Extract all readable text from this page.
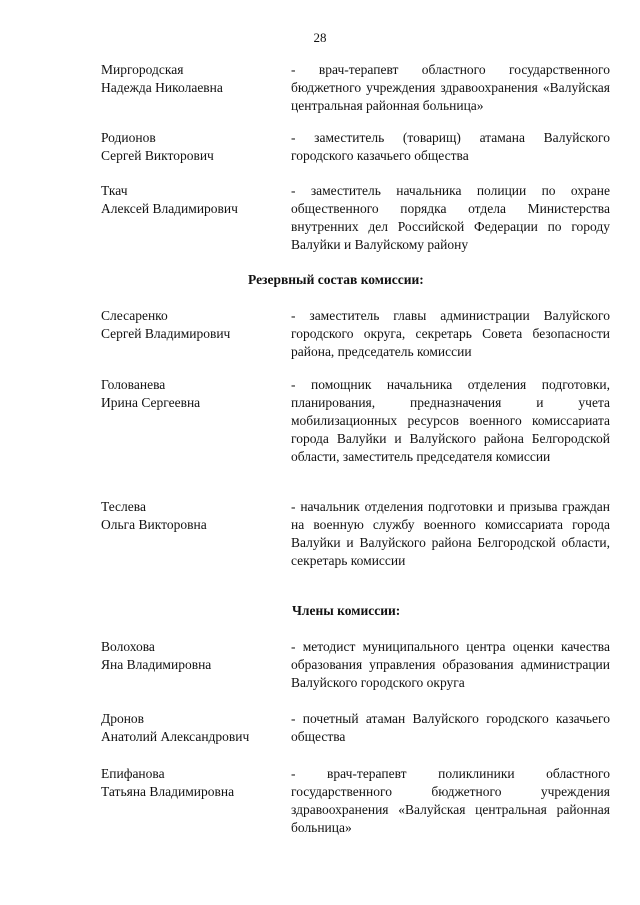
28
Миргородская
Надежда Николаевна
- врач-терапевт областного государственного бюджетного учреждения здравоохранения «Валуйская центральная районная больница»
Родионов
Сергей Викторович
- заместитель (товарищ) атамана Валуйского городского казачьего общества
Ткач
Алексей Владимирович
- заместитель начальника полиции по охране общественного порядка отдела Министерства внутренних дел Российской Федерации по городу Валуйки и Валуйскому району
Резервный состав комиссии:
Слесаренко
Сергей Владимирович
- заместитель главы администрации Валуйского городского округа, секретарь Совета безопасности района, председатель комиссии
Голованева
Ирина Сергеевна
- помощник начальника отделения подготовки, планирования, предназначения и учета мобилизационных ресурсов военного комиссариата города Валуйки и Валуйского района Белгородской области, заместитель председателя комиссии
Теслева
Ольга Викторовна
- начальник отделения подготовки и призыва граждан на военную службу военного комиссариата города Валуйки и Валуйского района Белгородской области, секретарь комиссии
Члены комиссии:
Волохова
Яна Владимировна
- методист муниципального центра оценки качества образования управления образования администрации Валуйского городского округа
Дронов
Анатолий Александрович
- почетный атаман Валуйского городского казачьего общества
Епифанова
Татьяна Владимировна
- врач-терапевт поликлиники областного государственного бюджетного учреждения здравоохранения «Валуйская центральная районная больница»
